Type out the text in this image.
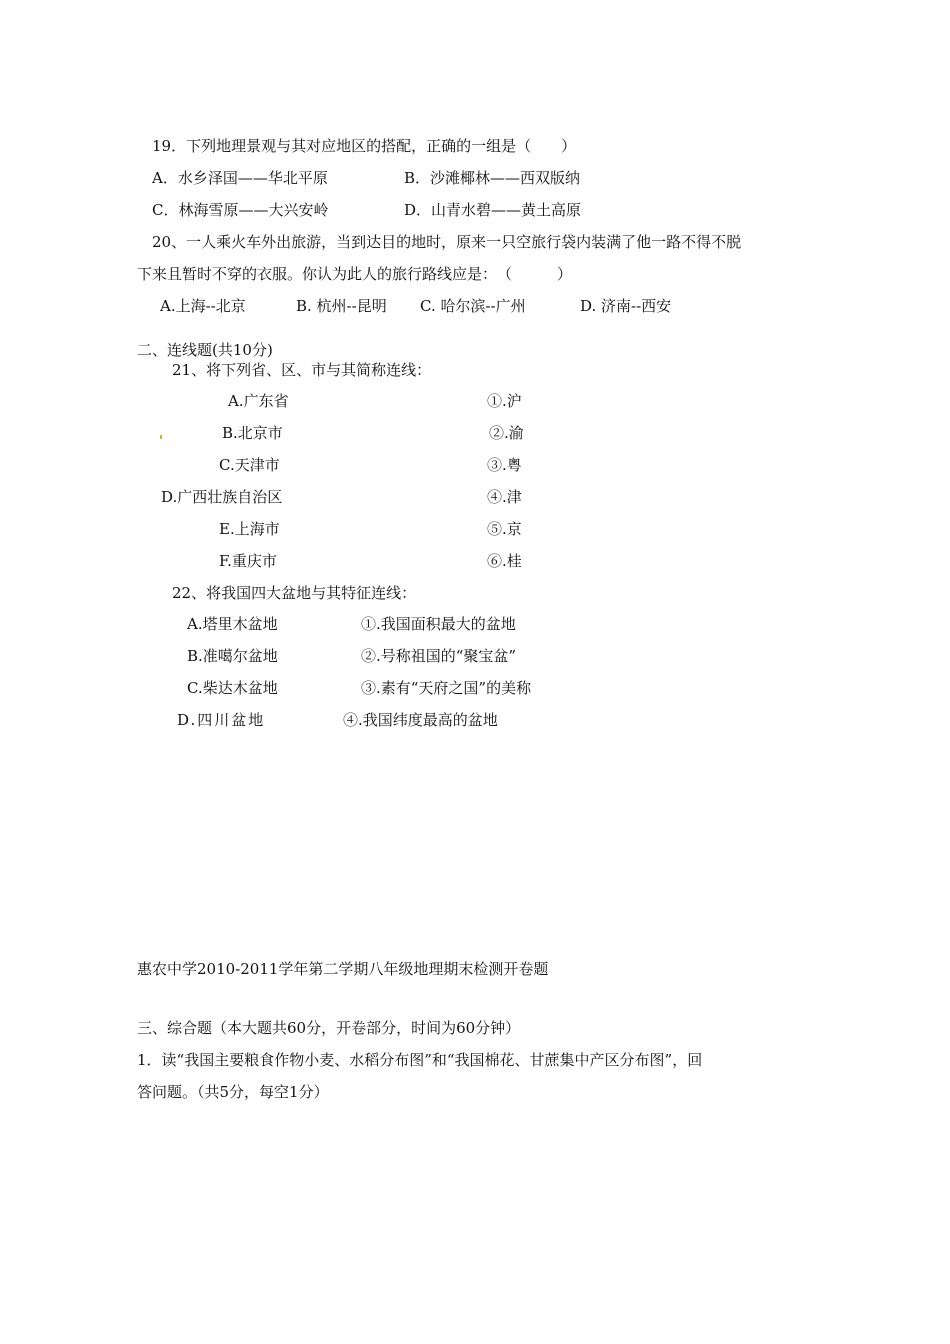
19．下列地理景观与其对应地区的搭配，正确的一组是（　　）
A．水乡泽国——华北平原	B．沙滩椰林——西双版纳
C．林海雪原——大兴安岭	D．山青水碧——黄土高原
20、一人乘火车外出旅游，当到达目的地时，原来一只空旅行袋内装满了他一路不得不脱
下来且暂时不穿的衣服。你认为此人的旅行路线应是：　（　　　）
A.上海--北京	B. 杭州--昆明 C. 哈尔滨--广州	D. 济南--西安
二、连线题(共10分)
21、将下列省、区、市与其简称连线：
A.广东省	①.沪
B.北京市	②.渝
C.天津市	③.粤
D.广西壮族自治区	④.津
E.上海市	⑤.京
F.重庆市	⑥.桂
22、将我国四大盆地与其特征连线：
A.塔里木盆地	①.我国面积最大的盆地
B.准噶尔盆地	②.号称祖国的“聚宝盆”
C.柴达木盆地	③.素有“天府之国”的美称
D.四川盆地	④.我国纬度最高的盆地
惠农中学2010-2011学年第二学期八年级地理期末检测开卷题
三、综合题（本大题共60分，开卷部分，时间为60分钟）
1．读“我国主要粮食作物小麦、水稻分布图”和“我国棉花、甘蔗集中产区分布图”，回
答问题。（共5分，每空1分）
